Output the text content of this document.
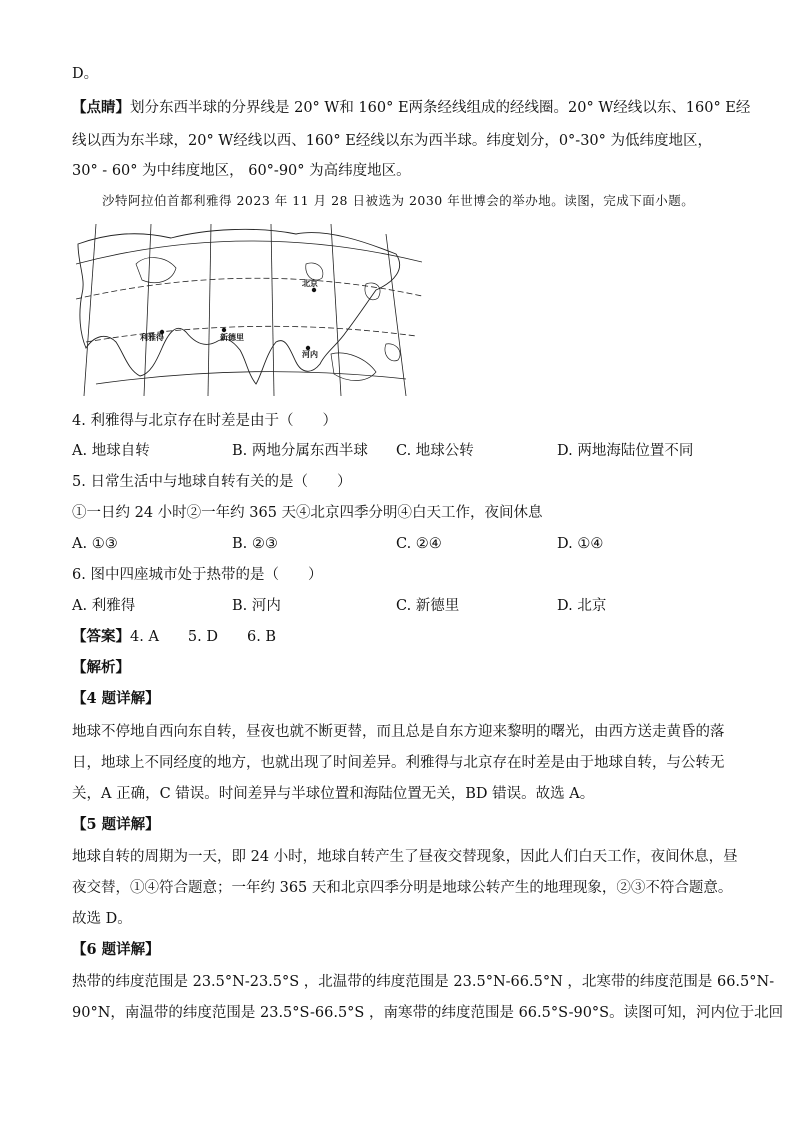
D。
【点睛】划分东西半球的分界线是 20° W和 160° E两条经线组成的经线圈。20° W经线以东、160° E经
线以西为东半球，20° W经线以西、160° E经线以东为西半球。纬度划分，0°-30° 为低纬度地区，
30° - 60° 为中纬度地区， 60°-90° 为高纬度地区。
沙特阿拉伯首都利雅得 2023 年 11 月 28 日被选为 2030 年世博会的举办地。读图，完成下面小题。
北京
利雅得	新德里
河内
4. 利雅得与北京存在时差是由于（　　）
A. 地球自转	B. 两地分属东西半球 C. 地球公转	D. 两地海陆位置不同
5. 日常生活中与地球自转有关的是（　　）
①一日约 24 小时②一年约 365 天④北京四季分明④白天工作，夜间休息
A. ①③	B. ②③	C. ②④	D. ①④
6. 图中四座城市处于热带的是（　　）
A. 利雅得	B. 河内	C. 新德里	D. 北京
【答案】4. A　　5. D　　6. B
【解析】
【4 题详解】
地球不停地自西向东自转，昼夜也就不断更替，而且总是自东方迎来黎明的曙光，由西方送走黄昏的落
日，地球上不同经度的地方，也就出现了时间差异。利雅得与北京存在时差是由于地球自转，与公转无
关，A 正确，C 错误。时间差异与半球位置和海陆位置无关，BD 错误。故选 A。
【5 题详解】
地球自转的周期为一天，即 24 小时，地球自转产生了昼夜交替现象，因此人们白天工作，夜间休息，昼
夜交替，①④符合题意；一年约 365 天和北京四季分明是地球公转产生的地理现象，②③不符合题意。
故选 D。
【6 题详解】
热带的纬度范围是 23.5°N-23.5°S ，北温带的纬度范围是 23.5°N-66.5°N ，北寒带的纬度范围是 66.5°N-
90°N，南温带的纬度范围是 23.5°S-66.5°S ，南寒带的纬度范围是 66.5°S-90°S。读图可知，河内位于北回
